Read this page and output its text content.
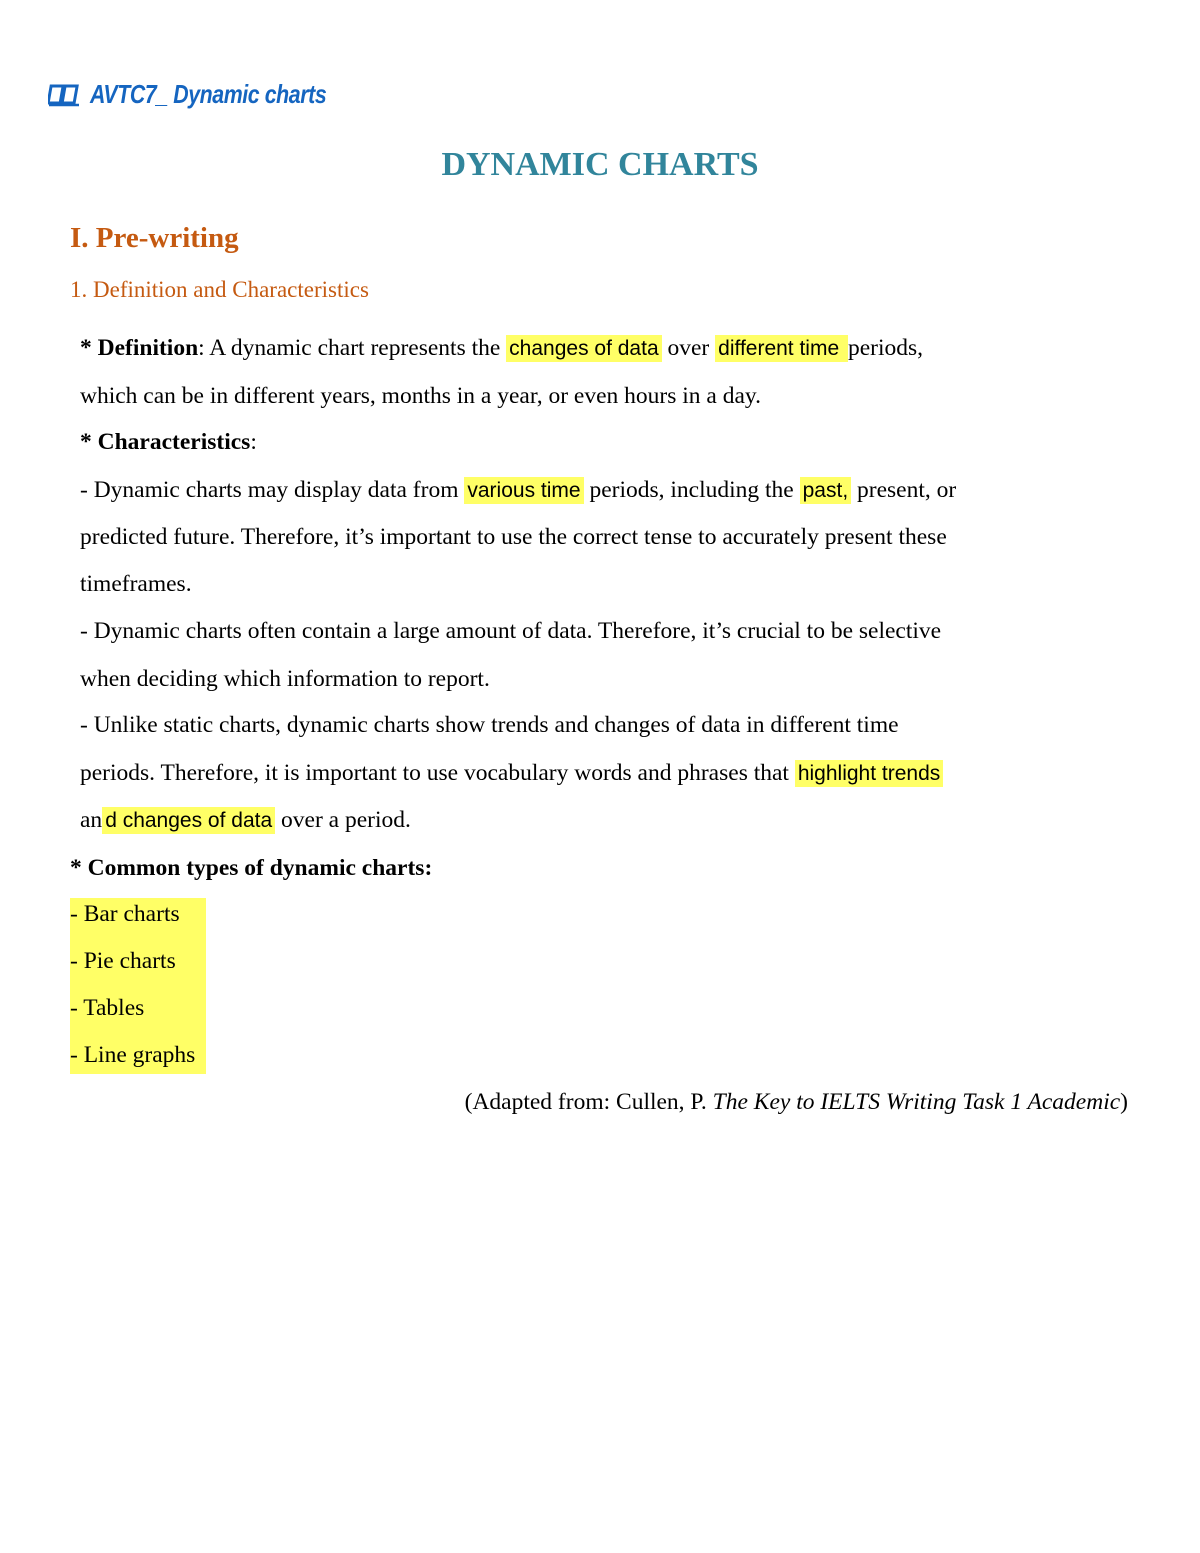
AVTC7_ Dynamic charts
DYNAMIC CHARTS
I. Pre-writing
1. Definition and Characteristics
* Definition: A dynamic chart represents the changes of data over different time periods,
which can be in different years, months in a year, or even hours in a day.
* Characteristics:
- Dynamic charts may display data from various time periods, including the past, present, or
predicted future. Therefore, it’s important to use the correct tense to accurately present these
timeframes.
- Dynamic charts often contain a large amount of data. Therefore, it’s crucial to be selective
when deciding which information to report.
- Unlike static charts, dynamic charts show trends and changes of data in different time
periods. Therefore, it is important to use vocabulary words and phrases that highlight trends
an d changes of data over a period.
* Common types of dynamic charts:
- Bar charts
- Pie charts
- Tables
- Line graphs
(Adapted from: Cullen, P. The Key to IELTS Writing Task 1 Academic)
